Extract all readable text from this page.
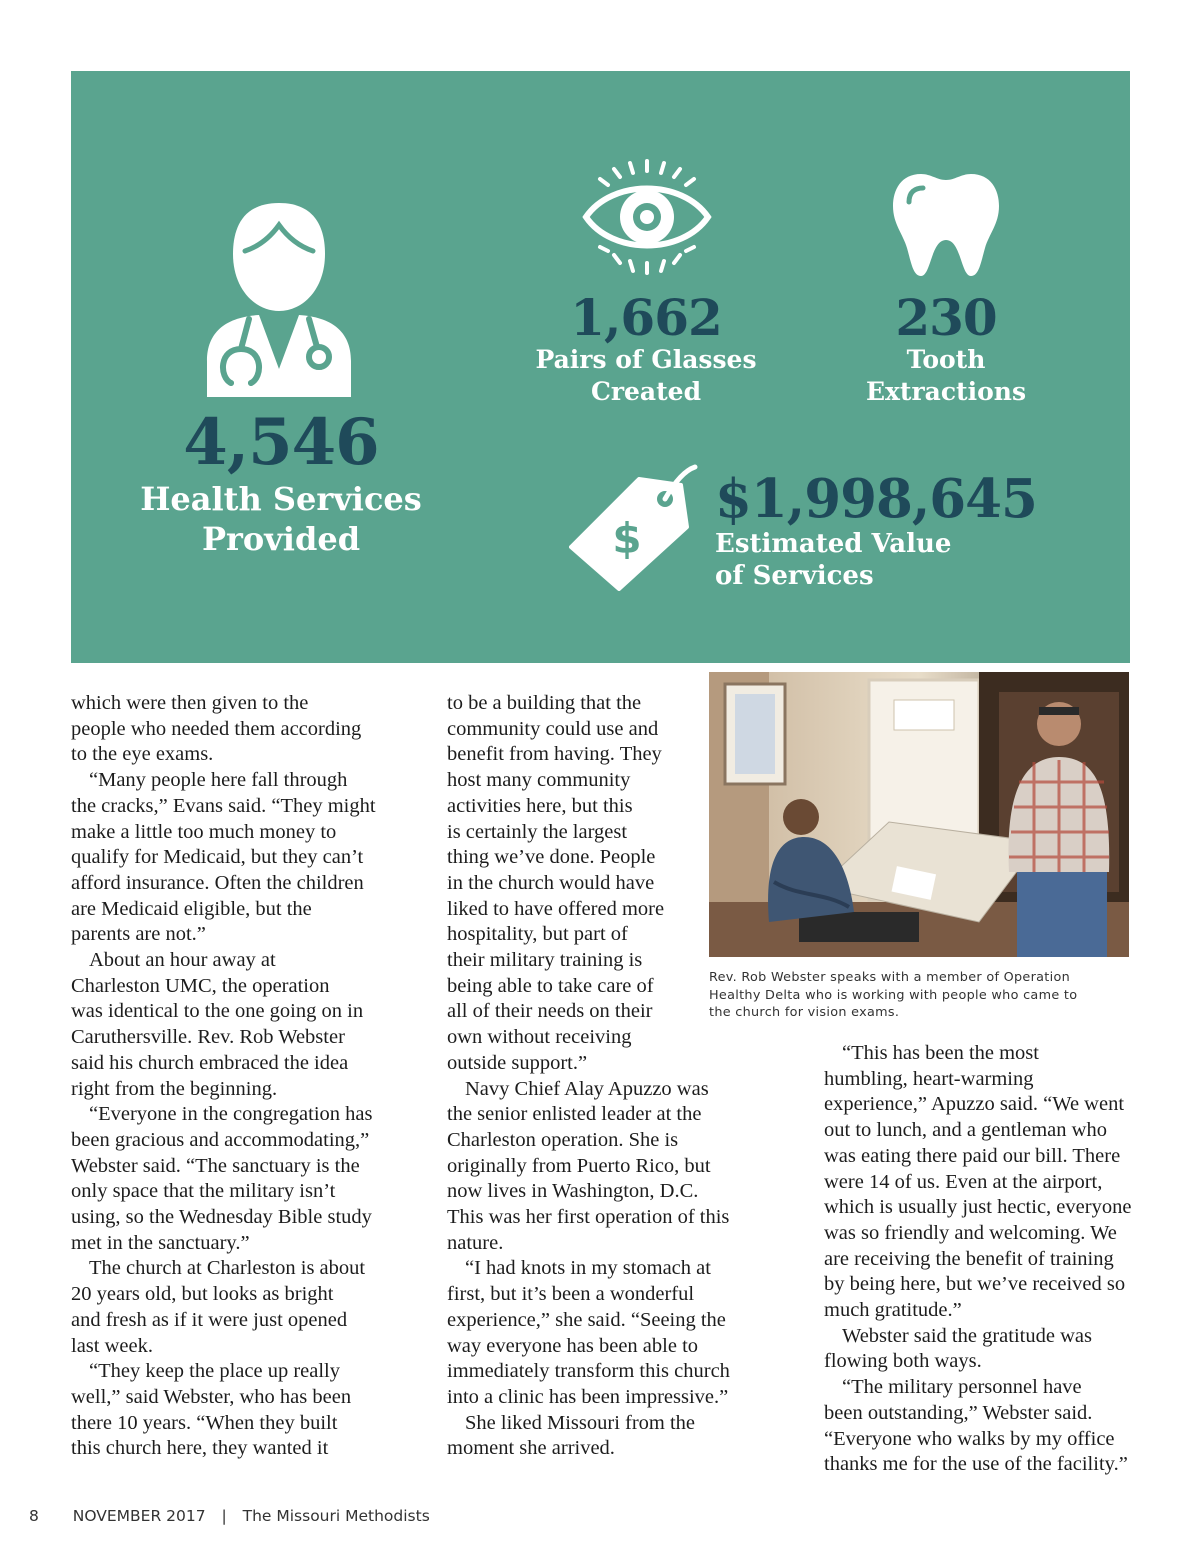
4,546
Health Services
Provided
1,662
Pairs of Glasses
Created
230
Tooth
Extractions
$
$1,998,645
Estimated Value
of Services
which were then given to the
people who needed them according
to the eye exams.
“Many people here fall through
the cracks,” Evans said. “They might
make a little too much money to
qualify for Medicaid, but they can’t
afford insurance. Often the children
are Medicaid eligible, but the
parents are not.”
About an hour away at
Charleston UMC, the operation
was identical to the one going on in
Caruthersville. Rev. Rob Webster
said his church embraced the idea
right from the beginning.
“Everyone in the congregation has
been gracious and accommodating,”
Webster said. “The sanctuary is the
only space that the military isn’t
using, so the Wednesday Bible study
met in the sanctuary.”
The church at Charleston is about
20 years old, but looks as bright
and fresh as if it were just opened
last week.
“They keep the place up really
well,” said Webster, who has been
there 10 years. “When they built
this church here, they wanted it
to be a building that the
community could use and
benefit from having. They
host many community
activities here, but this
is certainly the largest
thing we’ve done. People
in the church would have
liked to have offered more
hospitality, but part of
their military training is
being able to take care of
all of their needs on their
own without receiving
outside support.”
Navy Chief Alay Apuzzo was
the senior enlisted leader at the
Charleston operation. She is
originally from Puerto Rico, but
now lives in Washington, D.C.
This was her first operation of this
nature.
“I had knots in my stomach at
first, but it’s been a wonderful
experience,” she said. “Seeing the
way everyone has been able to
immediately transform this church
into a clinic has been impressive.”
She liked Missouri from the
moment she arrived.
Rev. Rob Webster speaks with a member of Operation
Healthy Delta who is working with people who came to
the church for vision exams.
“This has been the most
humbling, heart-warming
experience,” Apuzzo said. “We went
out to lunch, and a gentleman who
was eating there paid our bill. There
were 14 of us. Even at the airport,
which is usually just hectic, everyone
was so friendly and welcoming. We
are receiving the benefit of training
by being here, but we’ve received so
much gratitude.”
Webster said the gratitude was
flowing both ways.
“The military personnel have
been outstanding,” Webster said.
“Everyone who walks by my office
thanks me for the use of the facility.”
8 NOVEMBER 2017 | The Missouri Methodists
